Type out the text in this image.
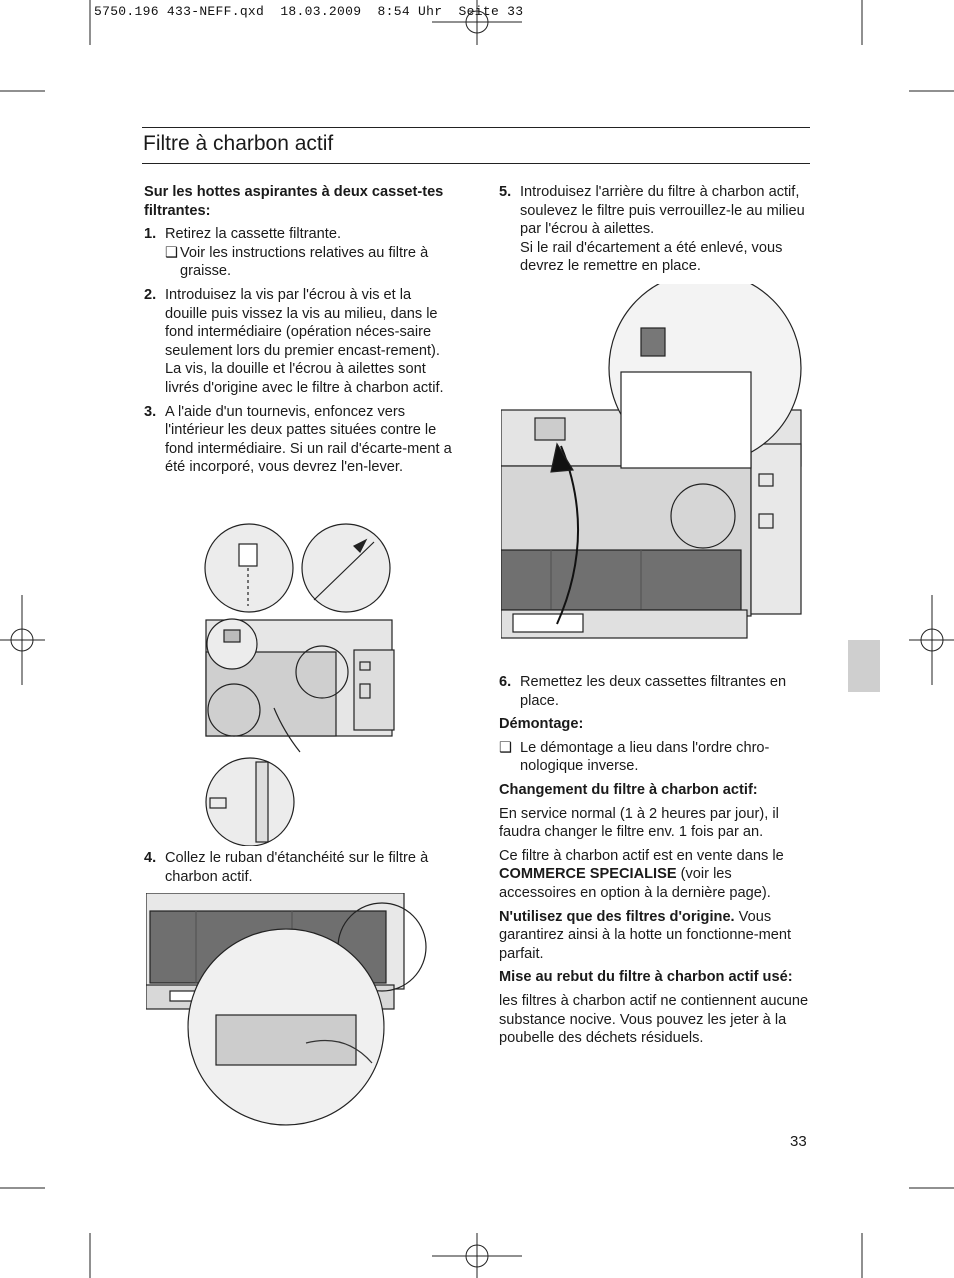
5750.196 433-NEFF.qxd  18.03.2009  8:54 Uhr  Seite 33
Filtre à charbon actif
Sur les hottes aspirantes à deux casset-tes filtrantes:
1. Retirez la cassette filtrante.
❑ Voir les instructions relatives au filtre à graisse.
2. Introduisez la vis par l'écrou à vis et la douille puis vissez la vis au milieu, dans le fond intermédiaire (opération néces-saire seulement lors du premier encast-rement). La vis, la douille et l'écrou à ailettes sont livrés d'origine avec le filtre à charbon actif.
3. A l'aide d'un tournevis, enfoncez vers l'intérieur les deux pattes situées contre le fond intermédiaire. Si un rail d'écarte-ment a été incorporé, vous devrez l'en-lever.
4. Collez le ruban d'étanchéité sur le filtre à charbon actif.
5. Introduisez l'arrière du filtre à charbon actif, soulevez le filtre puis verrouillez-le au milieu par l'écrou à ailettes.
Si le rail d'écartement a été enlevé, vous devrez le remettre en place.
6. Remettez les deux cassettes filtrantes en place.
Démontage:
❑ Le démontage a lieu dans l'ordre chro-nologique inverse.
Changement du filtre à charbon actif:
En service normal (1 à 2 heures par jour), il faudra changer le filtre env. 1 fois par an.
Ce filtre à charbon actif est en vente dans le COMMERCE SPECIALISE (voir les accessoires en option à la dernière page).
N'utilisez que des filtres d'origine. Vous garantirez ainsi à la hotte un fonctionne-ment parfait.
Mise au rebut du filtre à charbon actif usé:
les filtres à charbon actif ne contiennent aucune substance nocive. Vous pouvez les jeter à la poubelle des déchets résiduels.
33
